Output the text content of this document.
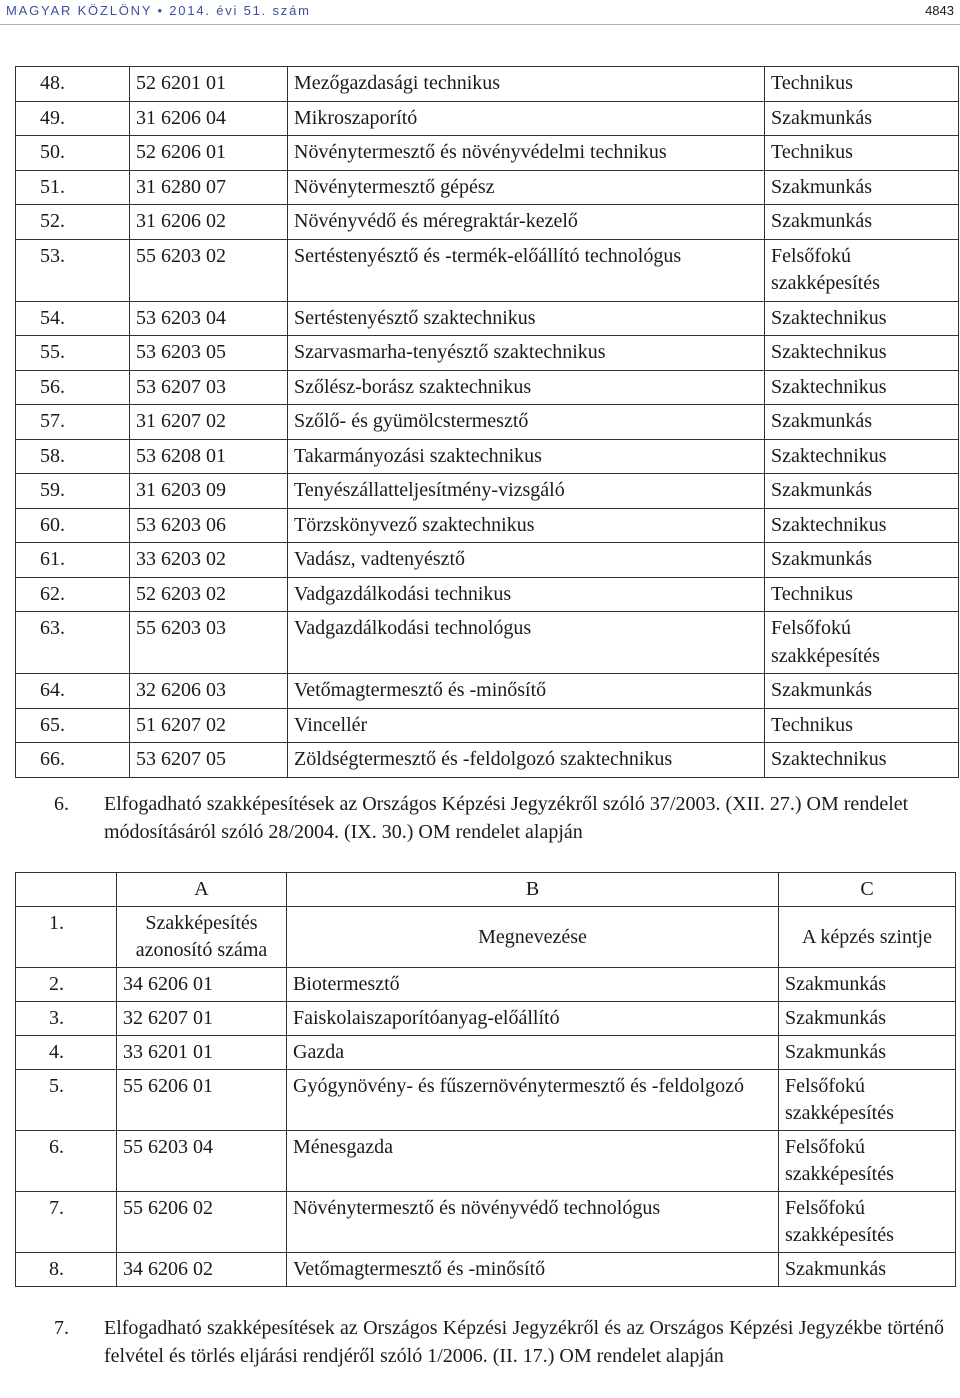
MAGYAR KÖZLÖNY • 2014. évi 51. szám	4843
48.	52 6201 01	Mezőgazdasági technikus	Technikus
49.	31 6206 04	Mikroszaporító	Szakmunkás
50.	52 6206 01	Növénytermesztő és növényvédelmi technikus	Technikus
51.	31 6280 07	Növénytermesztő gépész	Szakmunkás
52.	31 6206 02	Növényvédő és méregraktár-kezelő	Szakmunkás
53.	55 6203 02	Sertéstenyésztő és -termék-előállító technológus	Felsőfokú szakképesítés
54.	53 6203 04	Sertéstenyésztő szaktechnikus	Szaktechnikus
55.	53 6203 05	Szarvasmarha-tenyésztő szaktechnikus	Szaktechnikus
56.	53 6207 03	Szőlész-borász szaktechnikus	Szaktechnikus
57.	31 6207 02	Szőlő- és gyümölcstermesztő	Szakmunkás
58.	53 6208 01	Takarmányozási szaktechnikus	Szaktechnikus
59.	31 6203 09	Tenyészállatteljesítmény-vizsgáló	Szakmunkás
60.	53 6203 06	Törzskönyvező szaktechnikus	Szaktechnikus
61.	33 6203 02	Vadász, vadtenyésztő	Szakmunkás
62.	52 6203 02	Vadgazdálkodási technikus	Technikus
63.	55 6203 03	Vadgazdálkodási technológus	Felsőfokú szakképesítés
64.	32 6206 03	Vetőmagtermesztő és -minősítő	Szakmunkás
65.	51 6207 02	Vincellér	Technikus
66.	53 6207 05	Zöldségtermesztő és -feldolgozó szaktechnikus	Szaktechnikus
6. Elfogadható szakképesítések az Országos Képzési Jegyzékről szóló 37/2003. (XII. 27.) OM rendelet módosításáról szóló 28/2004. (IX. 30.) OM rendelet alapján
	A	B	C
1.	Szakképesítés azonosító száma	Megnevezése	A képzés szintje
2.	34 6206 01	Biotermesztő	Szakmunkás
3.	32 6207 01	Faiskolaiszaporítóanyag-előállító	Szakmunkás
4.	33 6201 01	Gazda	Szakmunkás
5.	55 6206 01	Gyógynövény- és fűszernövénytermesztő és -feldolgozó	Felsőfokú szakképesítés
6.	55 6203 04	Ménesgazda	Felsőfokú szakképesítés
7.	55 6206 02	Növénytermesztő és növényvédő technológus	Felsőfokú szakképesítés
8.	34 6206 02	Vetőmagtermesztő és -minősítő	Szakmunkás
7. Elfogadható szakképesítések az Országos Képzési Jegyzékről és az Országos Képzési Jegyzékbe történő felvétel és törlés eljárási rendjéről szóló 1/2006. (II. 17.) OM rendelet alapján
